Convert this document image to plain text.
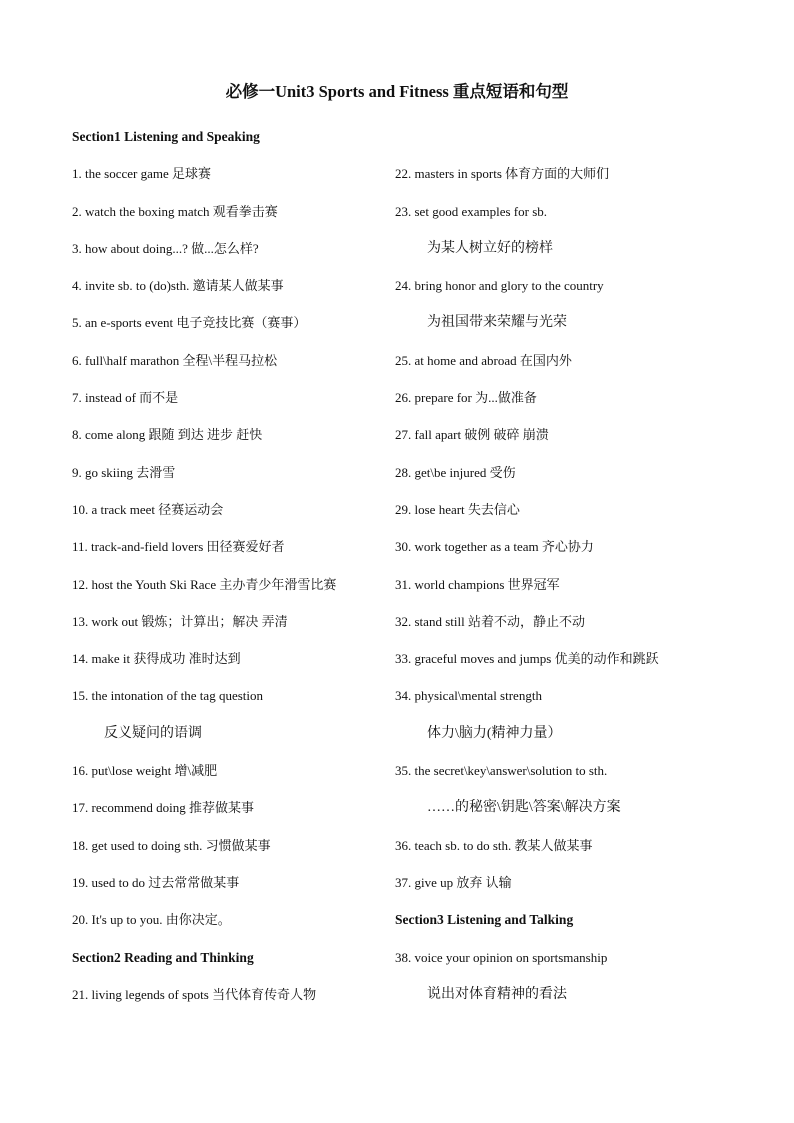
必修一Unit3 Sports and Fitness 重点短语和句型
Section1 Listening and Speaking
1. the soccer game 足球赛
2. watch the boxing match 观看拳击赛
3. how about doing...? 做...怎么样?
4. invite sb. to (do)sth. 邀请某人做某事
5. an e-sports event 电子竞技比赛（赛事）
6. full\half marathon 全程\半程马拉松
7. instead of 而不是
8. come along 跟随 到达 进步 赶快
9. go skiing 去滑雪
10. a track meet 径赛运动会
11. track-and-field lovers 田径赛爱好者
12. host the Youth Ski Race 主办青少年滑雪比赛
13. work out 锻炼；计算出；解决 弄清
14. make it 获得成功 准时达到
15. the intonation of the tag question
反义疑问的语调
16. put\lose weight 增\减肥
17. recommend doing 推荐做某事
18. get used to doing sth. 习惯做某事
19. used to do 过去常常做某事
20. It's up to you. 由你决定。
Section2 Reading and Thinking
21. living legends of spots 当代体育传奇人物
22. masters in sports 体育方面的大师们
23. set good examples for sb.
为某人树立好的榜样
24. bring honor and glory to the country
为祖国带来荣耀与光荣
25. at home and abroad 在国内外
26. prepare for 为...做准备
27. fall apart 破例 破碎 崩溃
28. get\be injured 受伤
29. lose heart 失去信心
30. work together as a team 齐心协力
31. world champions 世界冠军
32. stand still 站着不动，静止不动
33. graceful moves and jumps 优美的动作和跳跃
34. physical\mental strength
体力\脑力(精神力量）
35. the secret\key\answer\solution to sth.
……的秘密\钥匙\答案\解决方案
36. teach sb. to do sth. 教某人做某事
37. give up 放弃 认输
Section3 Listening and Talking
38. voice your opinion on sportsmanship
说出对体育精神的看法
